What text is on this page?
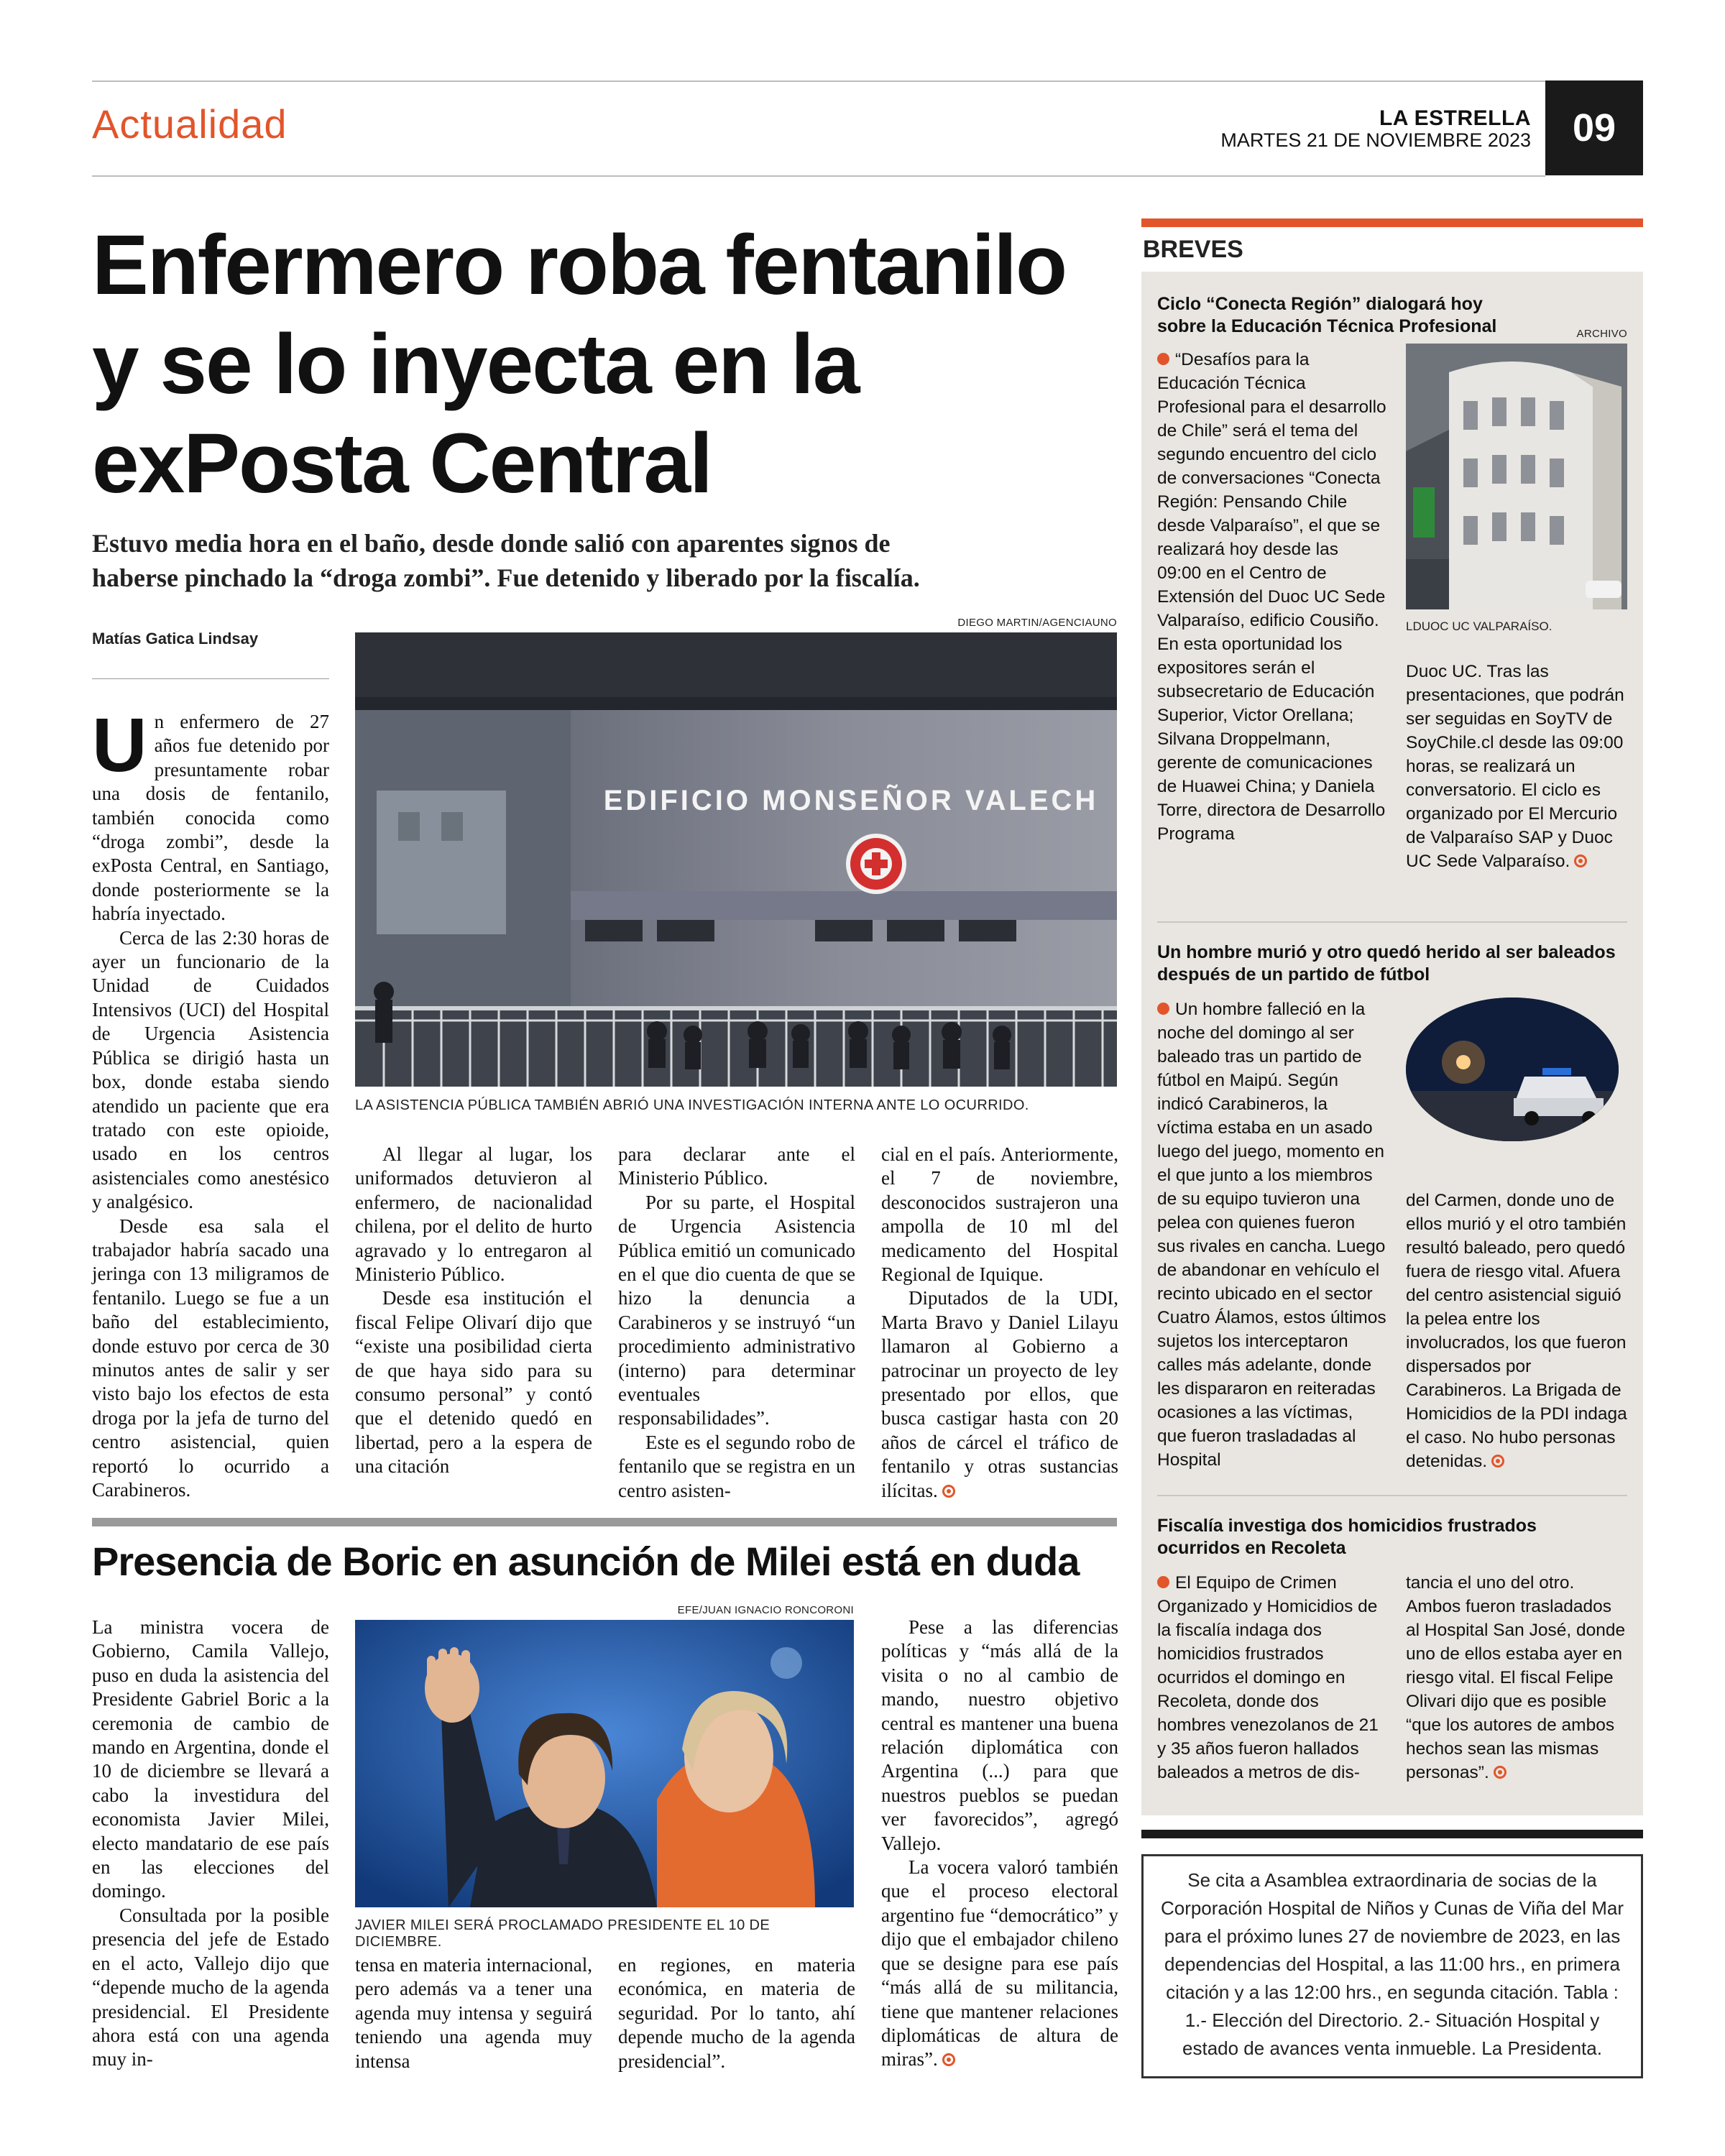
Actualidad	LA ESTRELLA
MARTES 21 DE NOVIEMBRE 2023 09
Enfermero roba fentanilo
y se lo inyecta en la
exPosta Central
Estuvo media hora en el baño, desde donde salió con aparentes signos de
haberse pinchado la “droga zombi”. Fue detenido y liberado por la fiscalía.
Matías Gatica Lindsay
DIEGO MARTIN/AGENCIAUNO
EDIFICIO MONSEÑOR VALECH
LA ASISTENCIA PÚBLICA TAMBIÉN ABRIÓ UNA INVESTIGACIÓN INTERNA ANTE LO OCURRIDO.

Un enfermero de 27 años fue detenido por presuntamente robar una dosis de fentanilo, también conocida como “droga zombi”, desde la exPosta Central, en Santiago, donde posteriormente se la habría inyectado.

Cerca de las 2:30 horas de ayer un funcionario de la Unidad de Cuidados Intensivos (UCI) del Hospital de Urgencia Asistencia Pública se dirigió hasta un box, donde estaba siendo atendido un paciente que era tratado con este opioide, usado en los centros asistenciales como anestésico y analgésico.

Desde esa sala el trabajador habría sacado una jeringa con 13 miligramos de fentanilo. Luego se fue a un baño del establecimiento, donde estuvo por cerca de 30 minutos antes de salir y ser visto bajo los efectos de esta droga por la jefa de turno del centro asistencial, quien reportó lo ocurrido a Carabineros.

Al llegar al lugar, los uniformados detuvieron al enfermero, de nacionalidad chilena, por el delito de hurto agravado y lo entregaron al Ministerio Público.

Desde esa institución el fiscal Felipe Olivarí dijo que “existe una posibilidad cierta de que haya sido para su consumo personal” y contó que el detenido quedó en libertad, pero a la espera de una citación

para declarar ante el Ministerio Público.

Por su parte, el Hospital de Urgencia Asistencia Pública emitió un comunicado en el que dio cuenta de que se hizo la denuncia a Carabineros y se instruyó “un procedimiento administrativo (interno) para determinar eventuales responsabilidades”.

Este es el segundo robo de fentanilo que se registra en un centro asisten-

cial en el país. Anteriormente, el 7 de noviembre, desconocidos sustrajeron una ampolla de 10 ml del medicamento del Hospital Regional de Iquique.

Diputados de la UDI, Marta Bravo y Daniel Lilayu llamaron al Gobierno a patrocinar un proyecto de ley presentado por ellos, que busca castigar hasta con 20 años de cárcel el tráfico de fentanilo y otras sustancias ilícitas.

Presencia de Boric en asunción de Milei está en duda
EFE/JUAN IGNACIO RONCORONI
JAVIER MILEI SERÁ PROCLAMADO PRESIDENTE EL 10 DE DICIEMBRE.

La ministra vocera de Gobierno, Camila Vallejo, puso en duda la asistencia del Presidente Gabriel Boric a la ceremonia de cambio de mando en Argentina, donde el 10 de diciembre se llevará a cabo la investidura del economista Javier Milei, electo mandatario de ese país en las elecciones del domingo.

Consultada por la posible presencia del jefe de Estado en el acto, Vallejo dijo que “depende mucho de la agenda presidencial. El Presidente ahora está con una agenda muy in-

tensa en materia internacional, pero además va a tener una agenda muy intensa y seguirá teniendo una agenda muy intensa

en regiones, en materia económica, en materia de seguridad. Por lo tanto, ahí depende mucho de la agenda presidencial”.

Pese a las diferencias políticas y “más allá de la visita o no al cambio de mando, nuestro objetivo central es mantener una buena relación diplomática con Argentina (...) para que nuestros pueblos se puedan ver favorecidos”, agregó Vallejo.

La vocera valoró también que el proceso electoral argentino fue “democrático” y dijo que el embajador chileno que se designe para ese país “más allá de su militancia, tiene que mantener relaciones diplomáticas de altura de miras”.

BREVES
Ciclo “Conecta Región” dialogará hoy sobre la Educación Técnica Profesional	ARCHIVO
LDUOC UC VALPARAÍSO.

“Desafíos para la Educación Técnica Profesional para el desarrollo de Chile” será el tema del segundo encuentro del ciclo de conversaciones “Conecta Región: Pensando Chile desde Valparaíso”, el que se realizará hoy desde las 09:00 en el Centro de Extensión del Duoc UC Sede Valparaíso, edificio Cousiño. En esta oportunidad los expositores serán el subsecretario de Educación Superior, Victor Orellana; Silvana Droppelmann, gerente de comunicaciones de Huawei China; y Daniela Torre, directora de Desarrollo Programa

Duoc UC. Tras las presentaciones, que podrán ser seguidas en SoyTV de SoyChile.cl desde las 09:00 horas, se realizará un conversatorio. El ciclo es organizado por El Mercurio de Valparaíso SAP y Duoc UC Sede Valparaíso.

Un hombre murió y otro quedó herido al ser baleados después de un partido de fútbol

Un hombre falleció en la noche del domingo al ser baleado tras un partido de fútbol en Maipú. Según indicó Carabineros, la víctima estaba en un asado luego del juego, momento en el que junto a los miembros de su equipo tuvieron una pelea con quienes fueron sus rivales en cancha. Luego de abandonar en vehículo el recinto ubicado en el sector Cuatro Álamos, estos últimos sujetos los interceptaron calles más adelante, donde les dispararon en reiteradas ocasiones a las víctimas, que fueron trasladadas al Hospital

del Carmen, donde uno de ellos murió y el otro también resultó baleado, pero quedó fuera de riesgo vital. Afuera del centro asistencial siguió la pelea entre los involucrados, los que fueron dispersados por Carabineros. La Brigada de Homicidios de la PDI indaga el caso. No hubo personas detenidas.

Fiscalía investiga dos homicidios frustrados ocurridos en Recoleta

El Equipo de Crimen Organizado y Homicidios de la fiscalía indaga dos homicidios frustrados ocurridos el domingo en Recoleta, donde dos hombres venezolanos de 21 y 35 años fueron hallados baleados a metros de dis-

tancia el uno del otro. Ambos fueron trasladados al Hospital San José, donde uno de ellos estaba ayer en riesgo vital. El fiscal Felipe Olivari dijo que es posible “que los autores de ambos hechos sean las mismas personas”.

Se cita a Asamblea extraordinaria de socias de la Corporación Hospital de Niños y Cunas de Viña del Mar para el próximo lunes 27 de noviembre de 2023, en las dependencias del Hospital, a las 11:00 hrs., en primera citación y a las 12:00 hrs., en segunda citación. Tabla : 1.- Elección del Directorio. 2.- Situación Hospital y estado de avances venta inmueble. La Presidenta.
